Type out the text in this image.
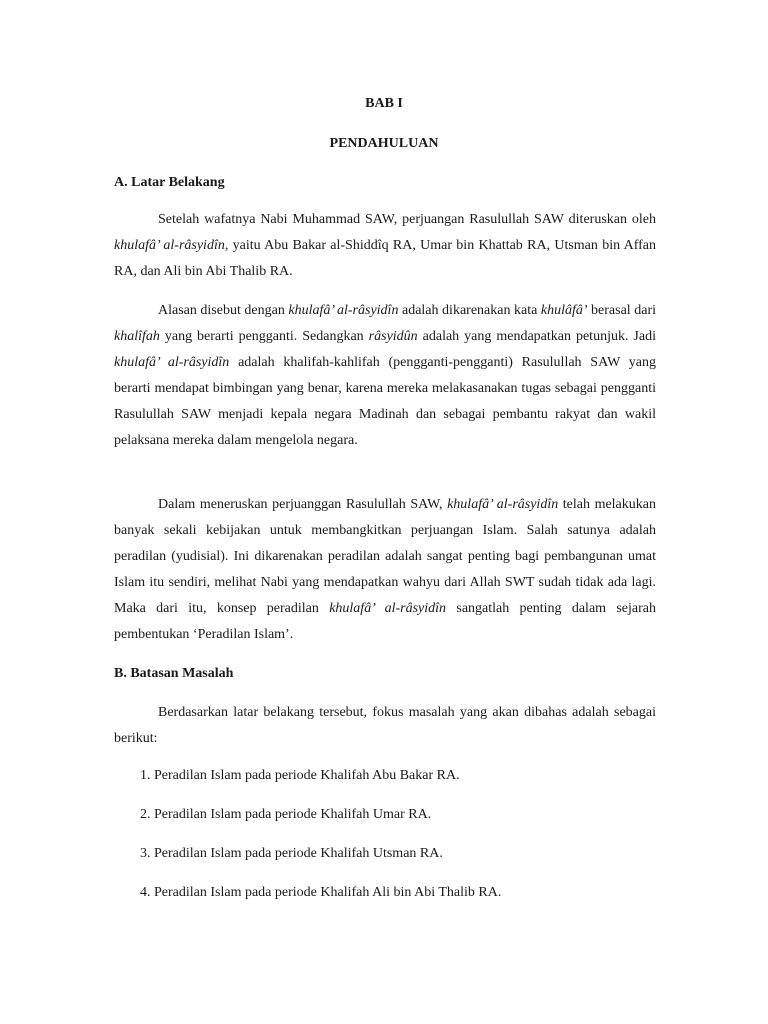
BAB I
PENDAHULUAN
A. Latar Belakang
Setelah wafatnya Nabi Muhammad SAW, perjuangan Rasulullah SAW diteruskan oleh khulafâ’ al-râsyidîn, yaitu Abu Bakar al-Shiddîq RA, Umar bin Khattab RA, Utsman bin Affan RA, dan Ali bin Abi Thalib RA.
Alasan disebut dengan khulafâ’ al-râsyidîn adalah dikarenakan kata khulâfâ’ berasal dari khalîfah yang berarti pengganti. Sedangkan râsyidûn adalah yang mendapatkan petunjuk. Jadi khulafâ’ al-râsyidîn adalah khalifah-kahlifah (pengganti-pengganti) Rasulullah SAW yang berarti mendapat bimbingan yang benar, karena mereka melakasanakan tugas sebagai pengganti Rasulullah SAW menjadi kepala negara Madinah dan sebagai pembantu rakyat dan wakil pelaksana mereka dalam mengelola negara.
Dalam meneruskan perjuanggan Rasulullah SAW, khulafâ’ al-râsyidîn telah melakukan banyak sekali kebijakan untuk membangkitkan perjuangan Islam. Salah satunya adalah peradilan (yudisial). Ini dikarenakan peradilan adalah sangat penting bagi pembangunan umat Islam itu sendiri, melihat Nabi yang mendapatkan wahyu dari Allah SWT sudah tidak ada lagi. Maka dari itu, konsep peradilan khulafâ’ al-râsyidîn sangatlah penting dalam sejarah pembentukan ‘Peradilan Islam’.
B. Batasan Masalah
Berdasarkan latar belakang tersebut, fokus masalah yang akan dibahas adalah sebagai berikut:
1. Peradilan Islam pada periode Khalifah Abu Bakar RA.
2. Peradilan Islam pada periode Khalifah Umar RA.
3. Peradilan Islam pada periode Khalifah Utsman RA.
4. Peradilan Islam pada periode Khalifah Ali bin Abi Thalib RA.
